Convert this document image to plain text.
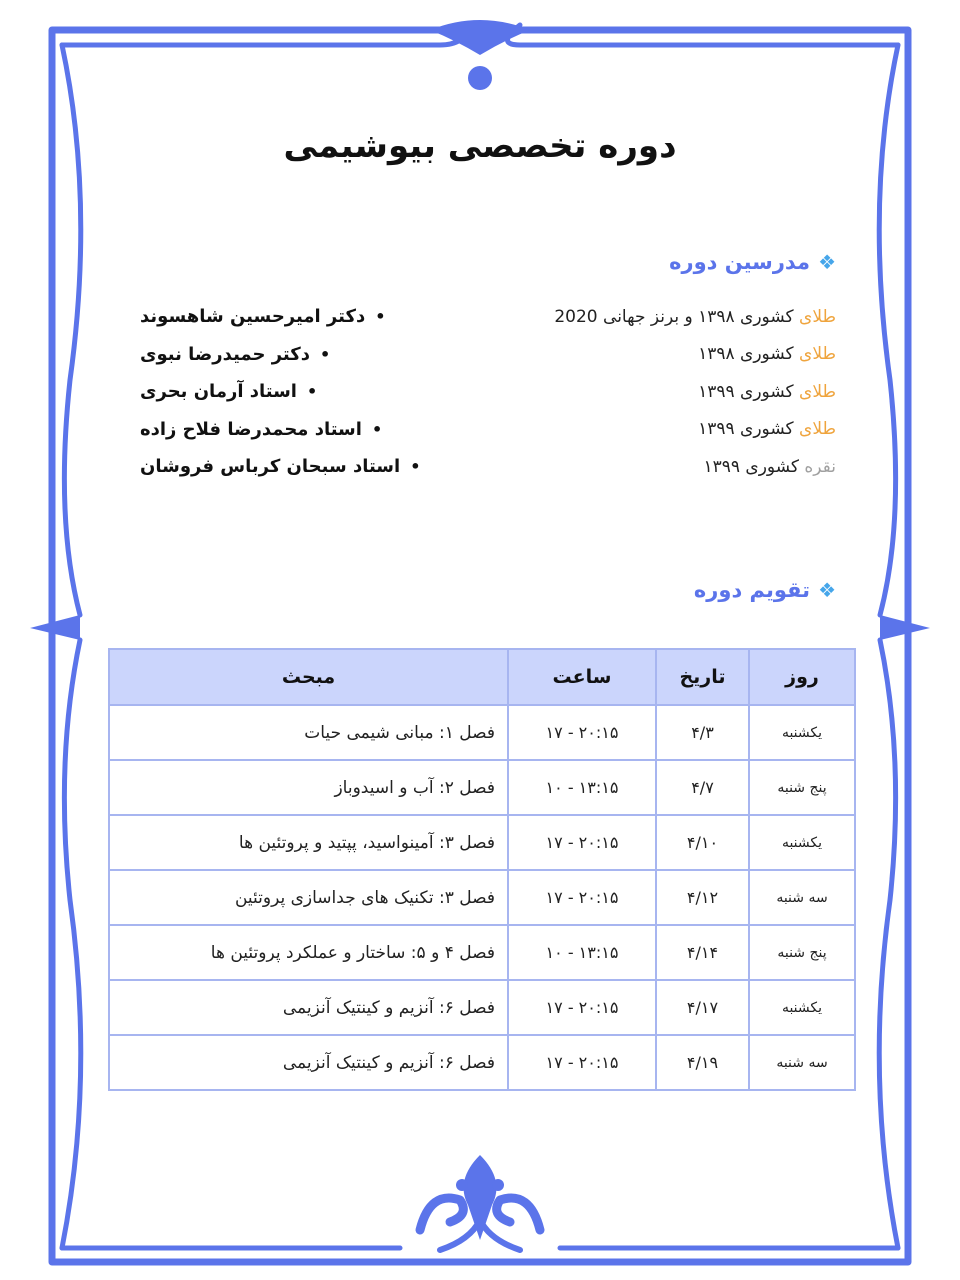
دوره تخصصی بیوشیمی
❖
مدرسین دوره
•
دکتر امیرحسین شاهسوند	طلای کشوری ۱۳۹۸ و برنز جهانی 2020
•
دکتر حمیدرضا نبوی	طلای کشوری ۱۳۹۸
•
استاد آرمان بحری	طلای کشوری ۱۳۹۹
•
استاد محمدرضا فلاح زاده	طلای کشوری ۱۳۹۹
•
استاد سبحان کرباس فروشان	نقره کشوری ۱۳۹۹
❖
تقویم دوره
روز	تاریخ	ساعت	مبحث
یکشنبه	۴/۳	۱۷ - ۲۰:۱۵	فصل ۱: مبانی شیمی حیات
پنج شنبه	۴/۷	۱۰ - ۱۳:۱۵	فصل ۲: آب و اسیدوباز
یکشنبه	۴/۱۰	۱۷ - ۲۰:۱۵	فصل ۳: آمینواسید، پپتید و پروتئین ها
سه شنبه	۴/۱۲	۱۷ - ۲۰:۱۵	فصل ۳: تکنیک های جداسازی پروتئین
پنج شنبه	۴/۱۴	۱۰ - ۱۳:۱۵	فصل ۴ و ۵: ساختار و عملکرد پروتئین ها
یکشنبه	۴/۱۷	۱۷ - ۲۰:۱۵	فصل ۶: آنزیم و کینتیک آنزیمی
سه شنبه	۴/۱۹	۱۷ - ۲۰:۱۵	فصل ۶: آنزیم و کینتیک آنزیمی
